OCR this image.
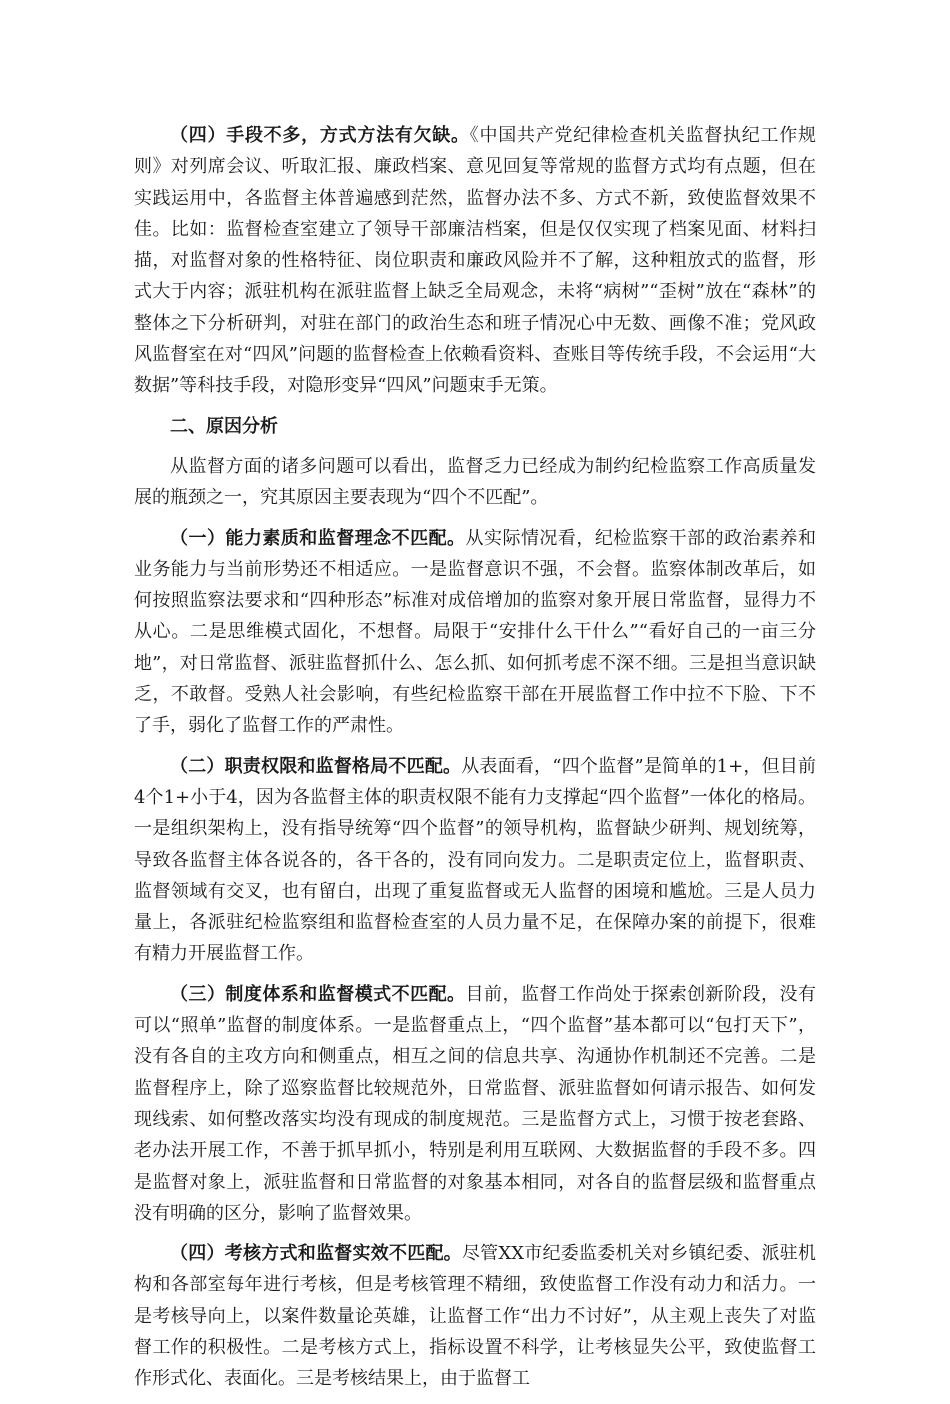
（四）手段不多，方式方法有欠缺。《中国共产党纪律检查机关监督执纪工作规则》对列席会议、听取汇报、廉政档案、意见回复等常规的监督方式均有点题，但在实践运用中，各监督主体普遍感到茫然，监督办法不多、方式不新，致使监督效果不佳。比如：监督检查室建立了领导干部廉洁档案，但是仅仅实现了档案见面、材料扫描，对监督对象的性格特征、岗位职责和廉政风险并不了解，这种粗放式的监督，形式大于内容；派驻机构在派驻监督上缺乏全局观念，未将“病树”“歪树”放在“森林”的整体之下分析研判，对驻在部门的政治生态和班子情况心中无数、画像不准；党风政风监督室在对“四风”问题的监督检查上依赖看资料、查账目等传统手段，不会运用“大数据”等科技手段，对隐形变异“四风”问题束手无策。

二、原因分析

从监督方面的诸多问题可以看出，监督乏力已经成为制约纪检监察工作高质量发展的瓶颈之一，究其原因主要表现为“四个不匹配”。

（一）能力素质和监督理念不匹配。从实际情况看，纪检监察干部的政治素养和业务能力与当前形势还不相适应。一是监督意识不强，不会督。监察体制改革后，如何按照监察法要求和“四种形态”标准对成倍增加的监察对象开展日常监督，显得力不从心。二是思维模式固化，不想督。局限于“安排什么干什么”“看好自己的一亩三分地”，对日常监督、派驻监督抓什么、怎么抓、如何抓考虑不深不细。三是担当意识缺乏，不敢督。受熟人社会影响，有些纪检监察干部在开展监督工作中拉不下脸、下不了手，弱化了监督工作的严肃性。

（二）职责权限和监督格局不匹配。从表面看，“四个监督”是简单的1+，但目前4个1+小于4，因为各监督主体的职责权限不能有力支撑起“四个监督”一体化的格局。一是组织架构上，没有指导统筹“四个监督”的领导机构，监督缺少研判、规划统筹，导致各监督主体各说各的，各干各的，没有同向发力。二是职责定位上，监督职责、监督领域有交叉，也有留白，出现了重复监督或无人监督的困境和尴尬。三是人员力量上，各派驻纪检监察组和监督检查室的人员力量不足，在保障办案的前提下，很难有精力开展监督工作。

（三）制度体系和监督模式不匹配。目前，监督工作尚处于探索创新阶段，没有可以“照单”监督的制度体系。一是监督重点上，“四个监督”基本都可以“包打天下”，没有各自的主攻方向和侧重点，相互之间的信息共享、沟通协作机制还不完善。二是监督程序上，除了巡察监督比较规范外，日常监督、派驻监督如何请示报告、如何发现线索、如何整改落实均没有现成的制度规范。三是监督方式上，习惯于按老套路、老办法开展工作，不善于抓早抓小，特别是利用互联网、大数据监督的手段不多。四是监督对象上，派驻监督和日常监督的对象基本相同，对各自的监督层级和监督重点没有明确的区分，影响了监督效果。

（四）考核方式和监督实效不匹配。尽管XX市纪委监委机关对乡镇纪委、派驻机构和各部室每年进行考核，但是考核管理不精细，致使监督工作没有动力和活力。一是考核导向上，以案件数量论英雄，让监督工作“出力不讨好”，从主观上丧失了对监督工作的积极性。二是考核方式上，指标设置不科学，让考核显失公平，致使监督工作形式化、表面化。三是考核结果上，由于监督工
